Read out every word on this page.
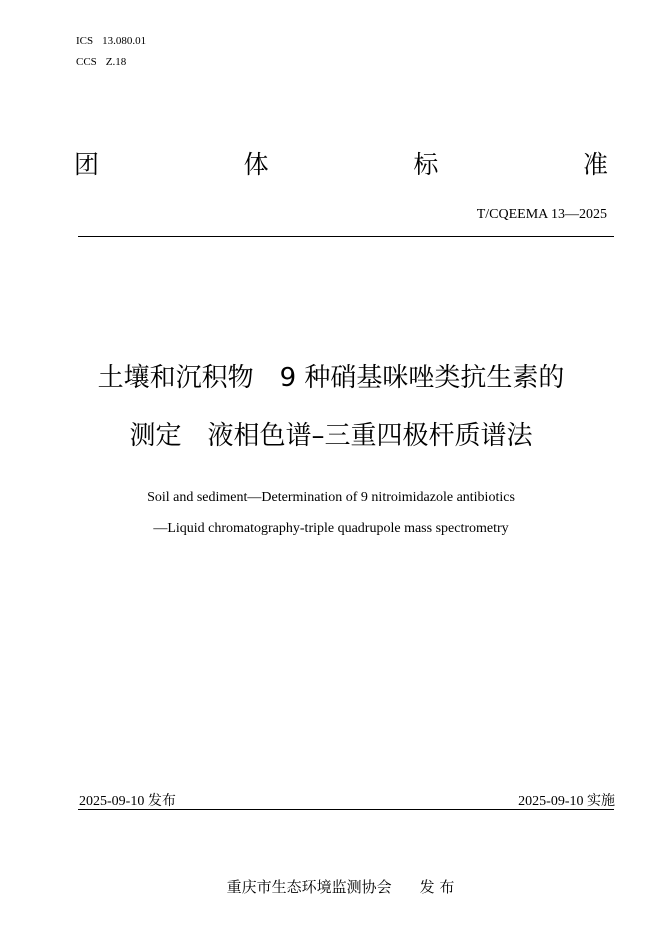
ICS 13.080.01
CCS Z.18
团	体	标	准
T/CQEEMA 13—2025
土壤和沉积物　9 种硝基咪唑类抗生素的
测定　液相色谱–三重四极杆质谱法
Soil and sediment—Determination of 9 nitroimidazole antibiotics
—Liquid chromatography-triple quadrupole mass spectrometry
2025-09-10 发布	2025-09-10 实施

重庆市生态环境监测协会 发 布
